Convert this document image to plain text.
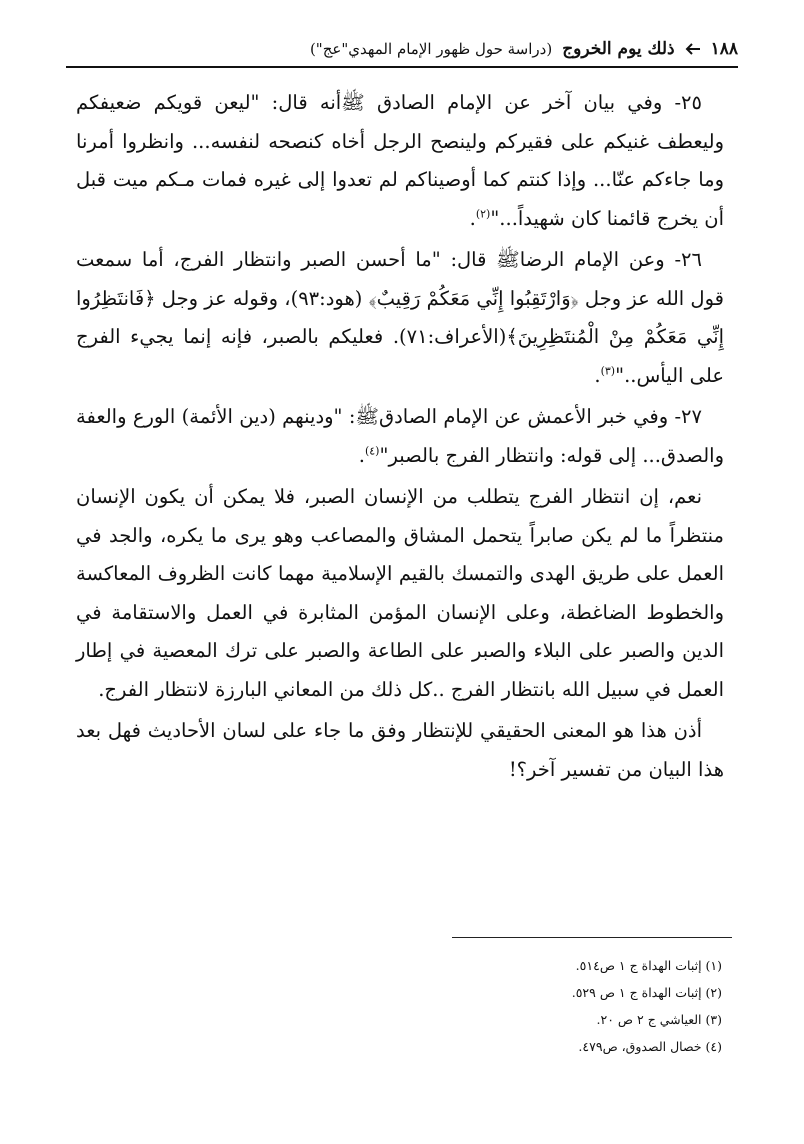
١٨٨
ذلك يوم الخروج
(دراسة حول ظهور الإمام المهدي"عج")

٢٥- وفي بيان آخر عن الإمام الصادق ﷺأنه قال: "ليعن قويكم ضعيفكم وليعطف غنيكم على فقيركم ولينصح الرجل أخاه كنصحه لنفسه... وانظروا أمرنا وما جاءكم عنّا... وإذا كنتم كما أوصيناكم لم تعدوا إلى غيره فمات مـكم ميت قبل أن يخرج قائمنا كان شهيداً..."$^{(٢)}$.

٢٦- وعن الإمام الرضاﷺ قال: "ما أحسن الصبر وانتظار الفرج، أما سمعت قول الله عز وجل ﴿وَارْتَقِبُوا إِنِّي مَعَكُمْ رَقِيبٌ﴾ (هود:٩٣)، وقوله عز وجل ﴿فَانتَظِرُوا إِنِّي مَعَكُمْ مِنْ الْمُنتَظِرِينَ﴾(الأعراف:٧١). فعليكم بالصبر، فإنه إنما يجيء الفرج على اليأس.."$^{(٣)}$.

٢٧- وفي خبر الأعمش عن الإمام الصادقﷺ: "ودينهم (دين الأئمة) الورع والعفة والصدق... إلى قوله: وانتظار الفرج بالصبر"$^{(٤)}$.

نعم، إن انتظار الفرج يتطلب من الإنسان الصبر، فلا يمكن أن يكون الإنسان منتظراً ما لم يكن صابراً يتحمل المشاق والمصاعب وهو يرى ما يكره، والجد في العمل على طريق الهدى والتمسك بالقيم الإسلامية مهما كانت الظروف المعاكسة والخطوط الضاغطة، وعلى الإنسان المؤمن المثابرة في العمل والاستقامة في الدين والصبر على البلاء والصبر على الطاعة والصبر على ترك المعصية في إطار العمل في سبيل الله بانتظار الفرج ..كل ذلك من المعاني البارزة لانتظار الفرج.

أذن هذا هو المعنى الحقيقي للإنتظار وفق ما جاء على لسان الأحاديث فهل بعد هذا البيان من تفسير آخر؟!

(١) إثبات الهداة ج ١ ص٥١٤.
(٢) إثبات الهداة ج ١ ص ٥٢٩.
(٣) العياشي ج ٢ ص ٢٠.
(٤) خصال الصدوق، ص٤٧٩.
